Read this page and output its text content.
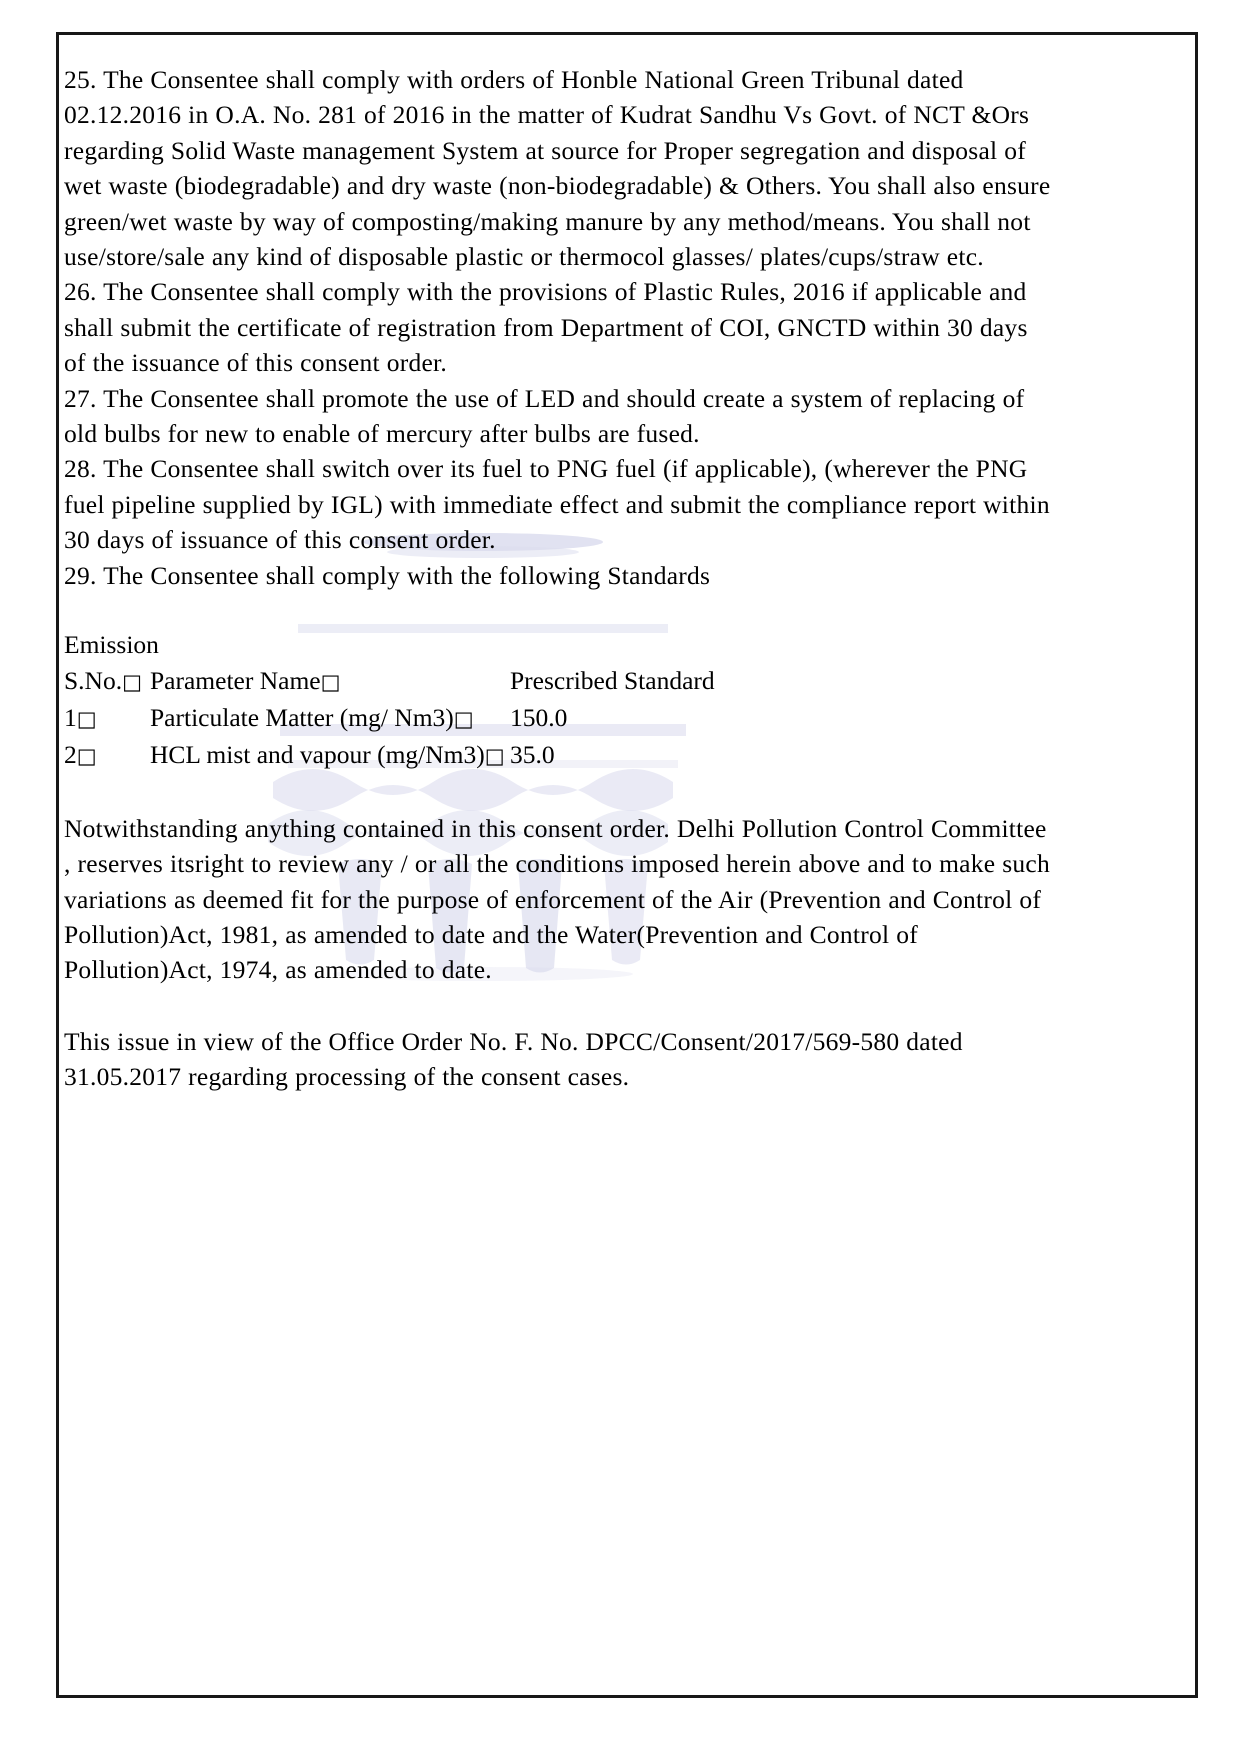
25. The Consentee shall comply with orders of Honble National Green Tribunal dated 02.12.2016 in O.A. No. 281 of 2016 in the matter of Kudrat Sandhu Vs Govt. of NCT &Ors regarding Solid Waste management System at source for Proper segregation and disposal of wet waste (biodegradable) and dry waste (non-biodegradable) & Others. You shall also ensure green/wet waste by way of composting/making manure by any method/means. You shall not use/store/sale any kind of disposable plastic or thermocol glasses/ plates/cups/straw etc.

26. The Consentee shall comply with the provisions of Plastic Rules, 2016 if applicable and shall submit the certificate of registration from Department of COI, GNCTD within 30 days of the issuance of this consent order.

27. The Consentee shall promote the use of LED and should create a system of replacing of old bulbs for new to enable of mercury after bulbs are fused.

28. The Consentee shall switch over its fuel to PNG fuel (if applicable), (wherever the PNG fuel pipeline supplied by IGL) with immediate effect and submit the compliance report within 30 days of issuance of this consent order.

29. The Consentee shall comply with the following Standards

Emission
S.No.□	Parameter Name□	Prescribed Standard
1□	Particulate Matter (mg/ Nm3)□	150.0
2□	HCL mist and vapour (mg/Nm3)□	35.0

Notwithstanding anything contained in this consent order. Delhi Pollution Control Committee , reserves itsright to review any / or all the conditions imposed herein above and to make such variations as deemed fit for the purpose of enforcement of the Air (Prevention and Control of Pollution)Act, 1981, as amended to date and the Water(Prevention and Control of Pollution)Act, 1974, as amended to date.

This issue in view of the Office Order No. F. No. DPCC/Consent/2017/569-580 dated 31.05.2017 regarding processing of the consent cases.
